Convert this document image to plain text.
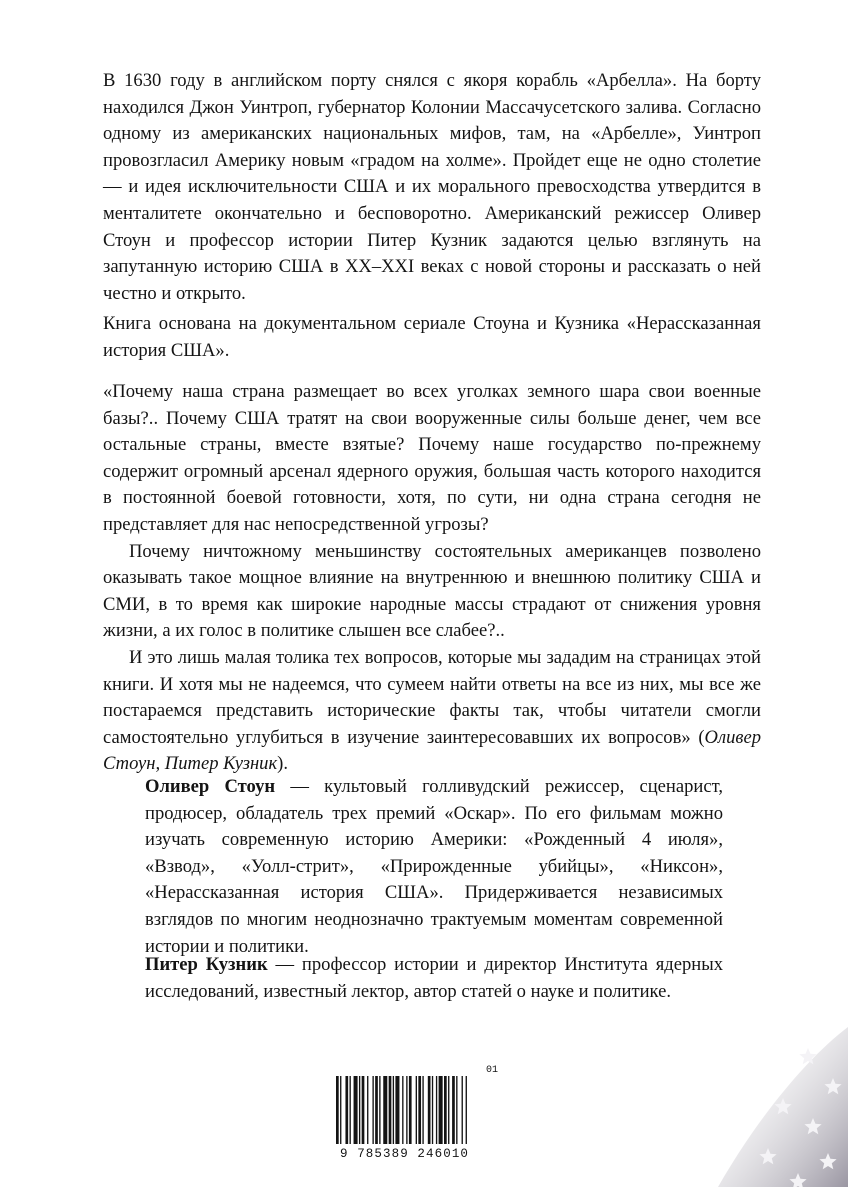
В 1630 году в английском порту снялся с якоря корабль «Арбелла». На борту находился Джон Уинтроп, губернатор Колонии Массачусетского залива. Согласно одному из американских национальных мифов, там, на «Арбелле», Уинтроп провозгласил Америку новым «градом на холме». Пройдет еще не одно столетие — и идея исключительности США и их морального превосходства утвердится в менталитете окончательно и бесповоротно. Американский режиссер Оливер Стоун и профессор истории Питер Кузник задаются целью взглянуть на запутанную историю США в XX–XXI веках с новой стороны и рассказать о ней честно и открыто.

Книга основана на документальном сериале Стоуна и Кузника «Нерассказанная история США».

«Почему наша страна размещает во всех уголках земного шара свои военные базы?.. Почему США тратят на свои вооруженные силы больше денег, чем все остальные страны, вместе взятые? Почему наше государство по-прежнему содержит огромный арсенал ядерного оружия, большая часть которого находится в постоянной боевой готовности, хотя, по сути, ни одна страна сегодня не представляет для нас непосредственной угрозы?

Почему ничтожному меньшинству состоятельных американцев позволено оказывать такое мощное влияние на внутреннюю и внешнюю политику США и СМИ, в то время как широкие народные массы страдают от снижения уровня жизни, а их голос в политике слышен все слабее?..

И это лишь малая толика тех вопросов, которые мы зададим на страницах этой книги. И хотя мы не надеемся, что сумеем найти ответы на все из них, мы все же постараемся представить исторические факты так, чтобы читатели смогли самостоятельно углубиться в изучение заинтересовавших их вопросов» (Оливер Стоун, Питер Кузник).

Оливер Стоун — культовый голливудский режиссер, сценарист, продюсер, обладатель трех премий «Оскар». По его фильмам можно изучать современную историю Америки: «Рожденный 4 июля», «Взвод», «Уолл-стрит», «Прирожденные убийцы», «Никсон», «Нерассказанная история США». Придерживается независимых взглядов по многим неоднозначно трактуемым моментам современной истории и политики.

Питер Кузник — профессор истории и директор Института ядерных исследований, известный лектор, автор статей о науке и политике.

01
9 785389 246010
